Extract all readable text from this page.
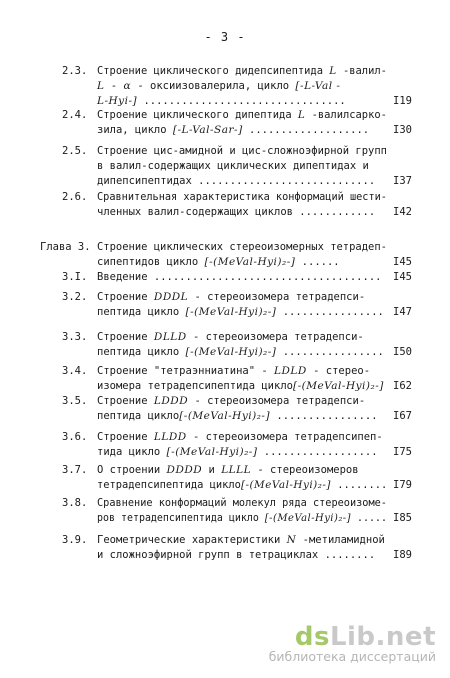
- 3 -
2.3. Строение циклического дидепсипептида L -валил-
L - α - оксиизовалерила, цикло [-L-Val -
L-Hyi-] ................................	I19
2.4. Строение циклического дипептида L -валилсаркo-
зила, цикло [-L-Val-Sar-] ................... I30
2.5. Строение цис-амидной и цис-сложноэфирной групп
в валил-содержащих циклических дипептидах и
дипепсипептидах ............................ I37
2.6. Сравнительная характеристика конформаций шести-
членных валил-содержащих циклов ............ I42
Глава 3. Строение циклических стереоизомерных тетрадеп-
сипептидов цикло [-(MeVal-Hyi)₂-] ......	I45
3.I. Введение .................................... I45
3.2. Строение DDDL - стереоизомера тетрадепси-
пептида цикло [-(MeVal-Hyi)₂-] ................ I47
3.3. Строение DLLD - стереоизомера тетрадепси-
пептида цикло [-(MeVal-Hyi)₂-] ................ I50
3.4. Строение "тетраэнниатина" - LDLD - стерео-
изомера тетрадепсипептида цикло[-(MeVal-Hyi)₂-] I62
3.5. Строение LDDD - стереоизомера тетрадепси-
пептида цикло[-(MeVal-Hyi)₂-] ................ I67
3.6. Строение LLDD - стереоизомера тетрадепсипеп-
тида цикло [-(MeVal-Hyi)₂-] .................. I75
3.7. О строении DDDD и LLLL - стереоизомеров
тетрадепсипептида цикло[-(MeVal-Hyi)₂-] ........ I79
3.8. Сравнение конформаций молекул ряда стереоизоме-
ров тетрадепсипептида цикло [-(MeVal-Hyi)₂-] ..... I85
3.9. Геометрические характеристики N -метиламидной
и сложноэфирной групп в тетрациклах ........ I89
dsLib.net
библиотека диссертаций
